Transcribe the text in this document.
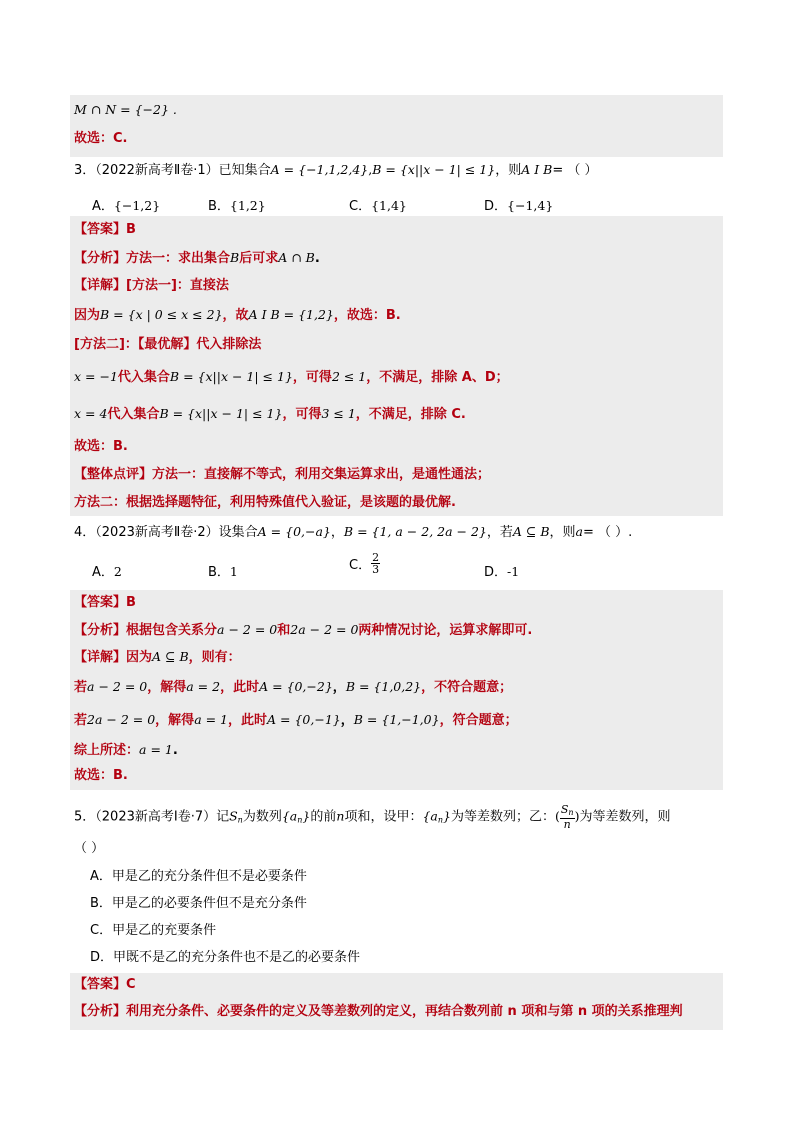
M ∩ N = {−2} .
故选：C.
3．（2022新高考Ⅱ卷·1）已知集合A = {−1,1,2,4},B = {x||x − 1| ≤ 1}，则A I B= （ ）
A．{−1,2}	B．{1,2}	C．{1,4}	D．{−1,4}
【答案】B
【分析】方法一：求出集合B后可求A ∩ B.
【详解】[方法一]：直接法
因为B = {x | 0 ≤ x ≤ 2}，故A I B = {1,2}，故选：B.
[方法二]：【最优解】代入排除法
x = −1代入集合B = {x||x − 1| ≤ 1}，可得2 ≤ 1，不满足，排除 A、D；
x = 4代入集合B = {x||x − 1| ≤ 1}，可得3 ≤ 1，不满足，排除 C.
故选：B.
【整体点评】方法一：直接解不等式，利用交集运算求出，是通性通法；
方法二：根据选择题特征，利用特殊值代入验证，是该题的最优解.
4．（2023新高考Ⅱ卷·2）设集合A = {0,−a}，B = {1, a − 2, 2a − 2}，若A ⊆ B，则a= （ ）.
A．2	B．1	C． $\frac{2}{3}$	D．-1
【答案】B
【分析】根据包含关系分a − 2 = 0和2a − 2 = 0两种情况讨论，运算求解即可.
【详解】因为A ⊆ B，则有：
若a − 2 = 0，解得a = 2，此时A = {0,−2}，B = {1,0,2}，不符合题意；
若2a − 2 = 0，解得a = 1，此时A = {0,−1}，B = {1,−1,0}，符合题意；
综上所述：a = 1.
故选：B.
5．（2023新高考Ⅰ卷·7）记$S_n$为数列$\{a_n\}$的前n项和，设甲：$\{a_n\}$为等差数列；乙：( $\frac{S_n}{n}$)为等差数列，则
（ ）
A．甲是乙的充分条件但不是必要条件
B．甲是乙的必要条件但不是充分条件
C．甲是乙的充要条件
D．甲既不是乙的充分条件也不是乙的必要条件
【答案】C
【分析】利用充分条件、必要条件的定义及等差数列的定义，再结合数列前 n 项和与第 n 项的关系推理判
